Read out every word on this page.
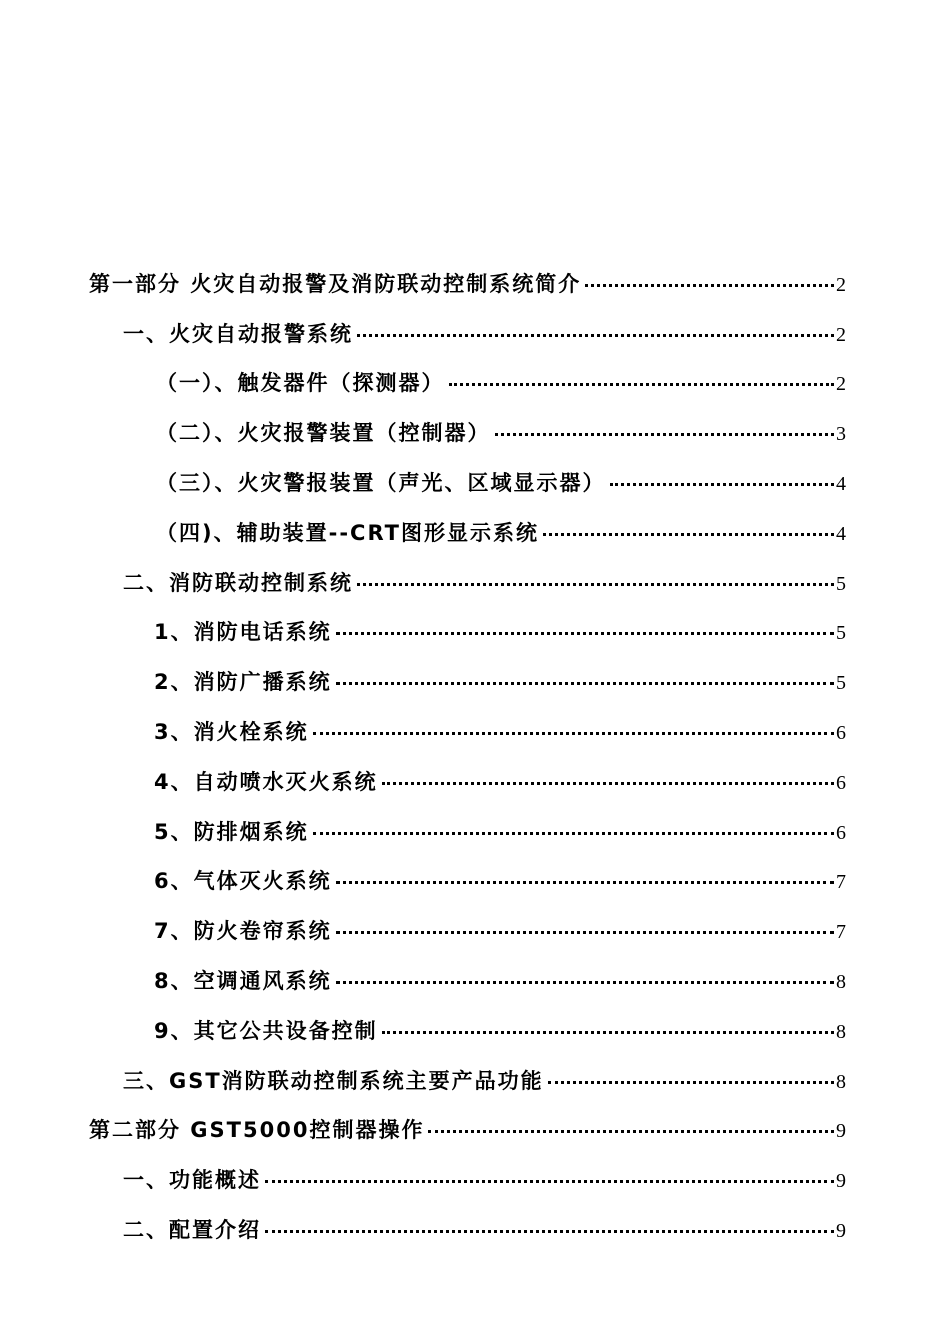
第一部分 火灾自动报警及消防联动控制系统简介	2
一、火灾自动报警系统	2
（一）、触发器件（探测器）	2
（二）、火灾报警装置（控制器）	3
（三）、火灾警报装置（声光、区域显示器）	4
（四)、辅助装置--CRT图形显示系统	4
二、消防联动控制系统	5
1、消防电话系统	5
2、消防广播系统	5
3、消火栓系统	6
4、自动喷水灭火系统	6
5、防排烟系统	6
6、气体灭火系统	7
7、防火卷帘系统	7
8、空调通风系统	8
9、其它公共设备控制	8
三、GST消防联动控制系统主要产品功能	8
第二部分 GST5000控制器操作	9
一、功能概述	9
二、配置介绍	9
